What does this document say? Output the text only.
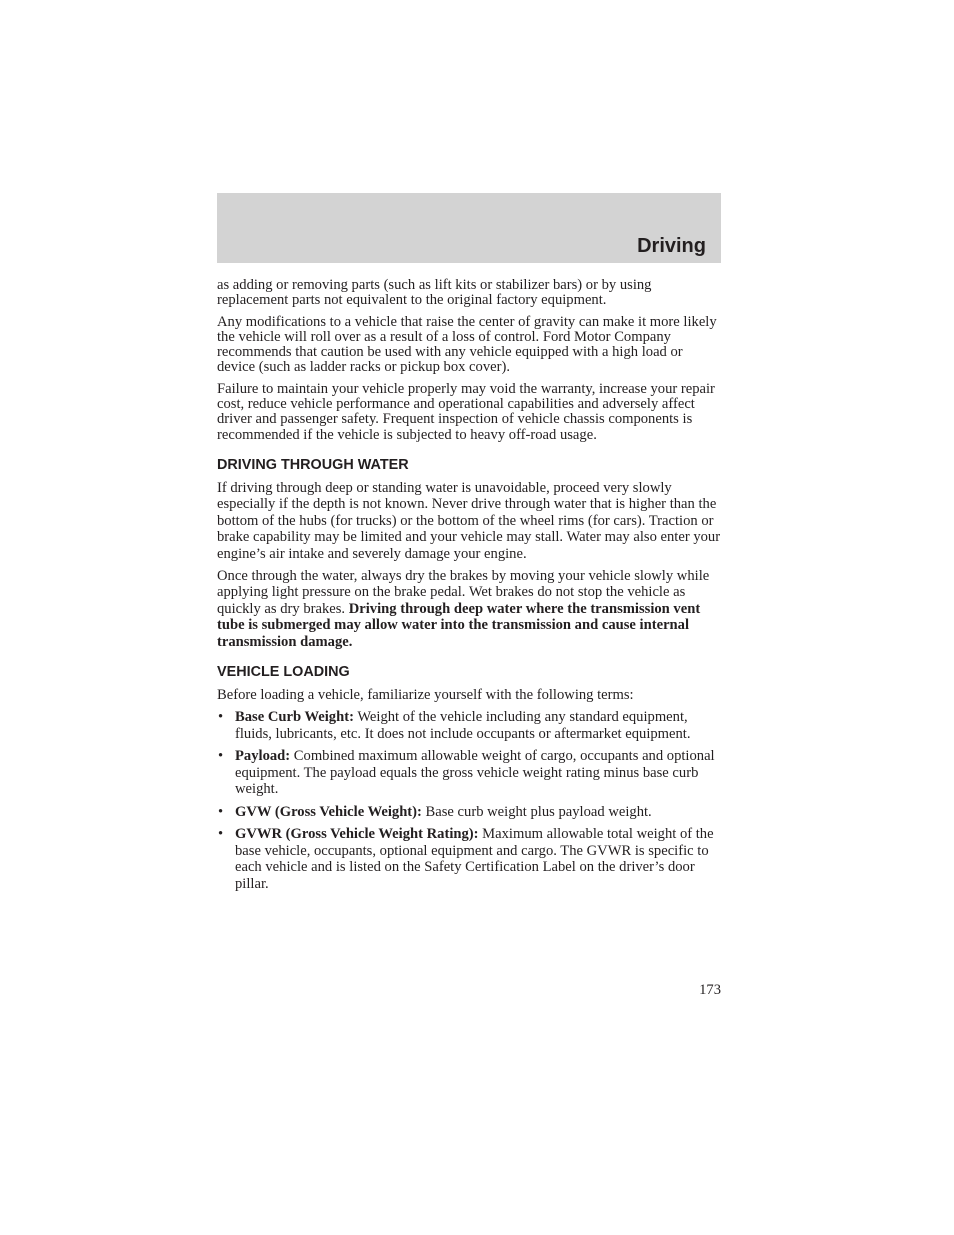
Driving

as adding or removing parts (such as lift kits or stabilizer bars) or by using replacement parts not equivalent to the original factory equipment.

Any modifications to a vehicle that raise the center of gravity can make it more likely the vehicle will roll over as a result of a loss of control. Ford Motor Company recommends that caution be used with any vehicle equipped with a high load or device (such as ladder racks or pickup box cover).

Failure to maintain your vehicle properly may void the warranty, increase your repair cost, reduce vehicle performance and operational capabilities and adversely affect driver and passenger safety. Frequent inspection of vehicle chassis components is recommended if the vehicle is subjected to heavy off-road usage.

DRIVING THROUGH WATER

If driving through deep or standing water is unavoidable, proceed very slowly especially if the depth is not known. Never drive through water that is higher than the bottom of the hubs (for trucks) or the bottom of the wheel rims (for cars). Traction or brake capability may be limited and your vehicle may stall. Water may also enter your engine’s air intake and severely damage your engine.

Once through the water, always dry the brakes by moving your vehicle slowly while applying light pressure on the brake pedal. Wet brakes do not stop the vehicle as quickly as dry brakes. Driving through deep water where the transmission vent tube is submerged may allow water into the transmission and cause internal transmission damage.

VEHICLE LOADING

Before loading a vehicle, familiarize yourself with the following terms:

• Base Curb Weight: Weight of the vehicle including any standard equipment, fluids, lubricants, etc. It does not include occupants or aftermarket equipment.
• Payload: Combined maximum allowable weight of cargo, occupants and optional equipment. The payload equals the gross vehicle weight rating minus base curb weight.
• GVW (Gross Vehicle Weight): Base curb weight plus payload weight.
• GVWR (Gross Vehicle Weight Rating): Maximum allowable total weight of the base vehicle, occupants, optional equipment and cargo. The GVWR is specific to each vehicle and is listed on the Safety Certification Label on the driver’s door pillar.
173
